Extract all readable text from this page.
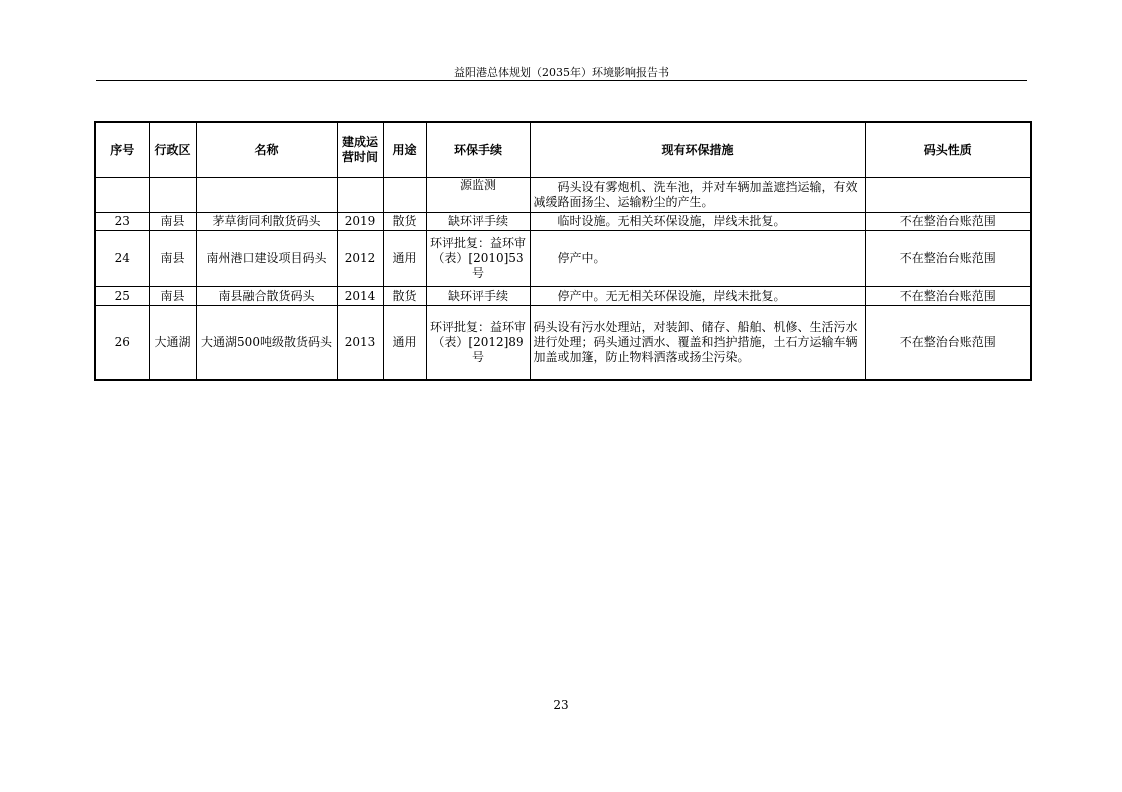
益阳港总体规划（2035年）环境影响报告书
序号	行政区	名称	建成运营时间	用途	环保手续	现有环保措施	码头性质
					源监测	码头设有雾炮机、洗车池，并对车辆加盖遮挡运输，有效减缓路面扬尘、运输粉尘的产生。	
23	南县	茅草街同利散货码头	2019	散货	缺环评手续	临时设施。无相关环保设施，岸线未批复。	不在整治台账范围
24	南县	南州港口建设项目码头	2012	通用	环评批复：益环审（表）[2010]53号	停产中。	不在整治台账范围
25	南县	南县融合散货码头	2014	散货	缺环评手续	停产中。无无相关环保设施，岸线未批复。	不在整治台账范围
26	大通湖	大通湖500吨级散货码头	2013	通用	环评批复：益环审（表）[2012]89号	码头设有污水处理站，对装卸、储存、船舶、机修、生活污水进行处理；码头通过洒水、覆盖和挡护措施，土石方运输车辆加盖或加篷，防止物料洒落或扬尘污染。	不在整治台账范围
23
